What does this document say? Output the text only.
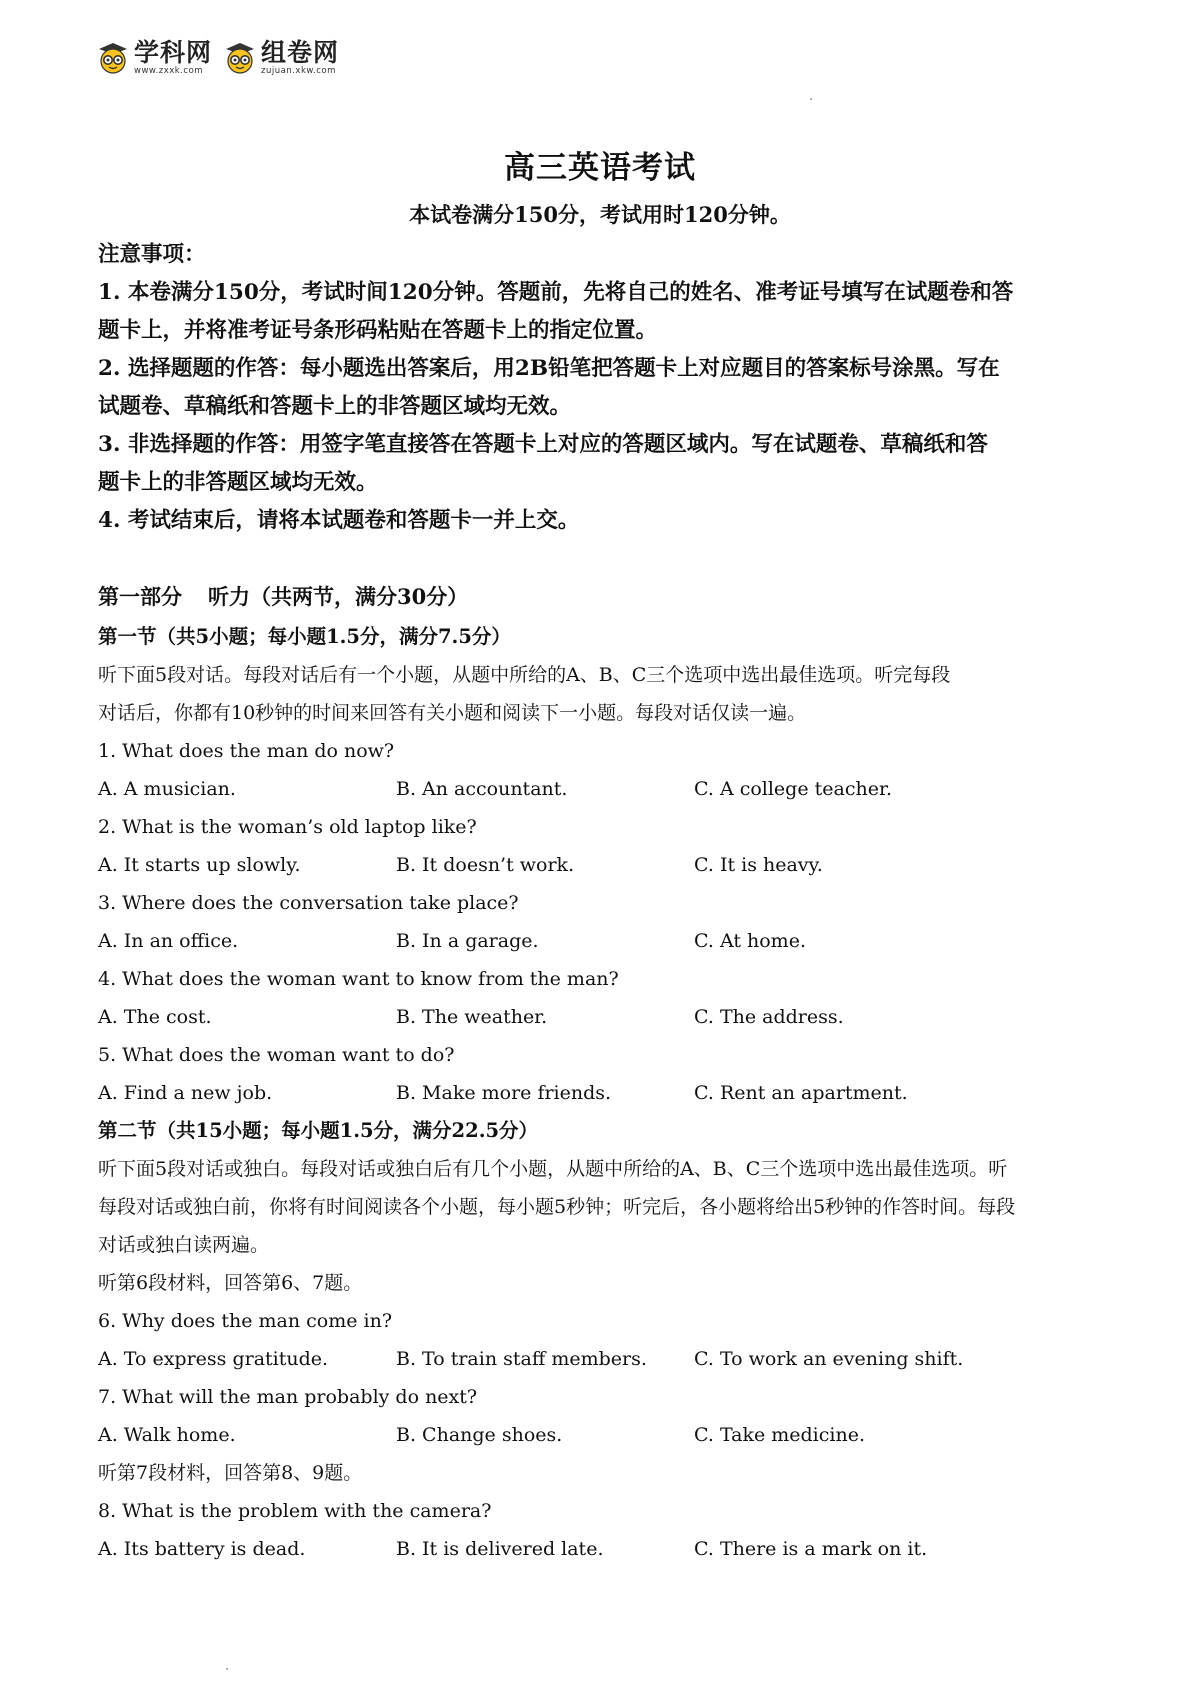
学科网
www.zxxk.com
组卷网
zujuan.xkw.com
高三英语考试
本试卷满分150分，考试用时120分钟。

注意事项：

1. 本卷满分150分，考试时间120分钟。答题前，先将自己的姓名、准考证号填写在试题卷和答

题卡上，并将准考证号条形码粘贴在答题卡上的指定位置。

2. 选择题题的作答：每小题选出答案后，用2B铅笔把答题卡上对应题目的答案标号涂黑。写在

试题卷、草稿纸和答题卡上的非答题区域均无效。

3. 非选择题的作答：用签字笔直接答在答题卡上对应的答题区域内。写在试题卷、草稿纸和答

题卡上的非答题区域均无效。

4. 考试结束后，请将本试题卷和答题卡一并上交。

第一部分 听力（共两节，满分30分）

第一节（共5小题；每小题1.5分，满分7.5分）

听下面5段对话。每段对话后有一个小题，从题中所给的A、B、C三个选项中选出最佳选项。听完每段

对话后，你都有10秒钟的时间来回答有关小题和阅读下一小题。每段对话仅读一遍。

1. What does the man do now?

A. A musician.	B. An accountant.	C. A college teacher.

2. What is the woman’s old laptop like?

A. It starts up slowly.	B. It doesn’t work.	C. It is heavy.

3. Where does the conversation take place?

A. In an office.	B. In a garage.	C. At home.

4. What does the woman want to know from the man?

A. The cost.	B. The weather.	C. The address.

5. What does the woman want to do?

A. Find a new job.	B. Make more friends.	C. Rent an apartment.

第二节（共15小题；每小题1.5分，满分22.5分）

听下面5段对话或独白。每段对话或独白后有几个小题，从题中所给的A、B、C三个选项中选出最佳选项。听

每段对话或独白前，你将有时间阅读各个小题，每小题5秒钟；听完后，各小题将给出5秒钟的作答时间。每段

对话或独白读两遍。

听第6段材料，回答第6、7题。

6. Why does the man come in?

A. To express gratitude.	B. To train staff members.	C. To work an evening shift.

7. What will the man probably do next?

A. Walk home.	B. Change shoes.	C. Take medicine.

听第7段材料，回答第8、9题。

8. What is the problem with the camera?

A. Its battery is dead.	B. It is delivered late.	C. There is a mark on it.
